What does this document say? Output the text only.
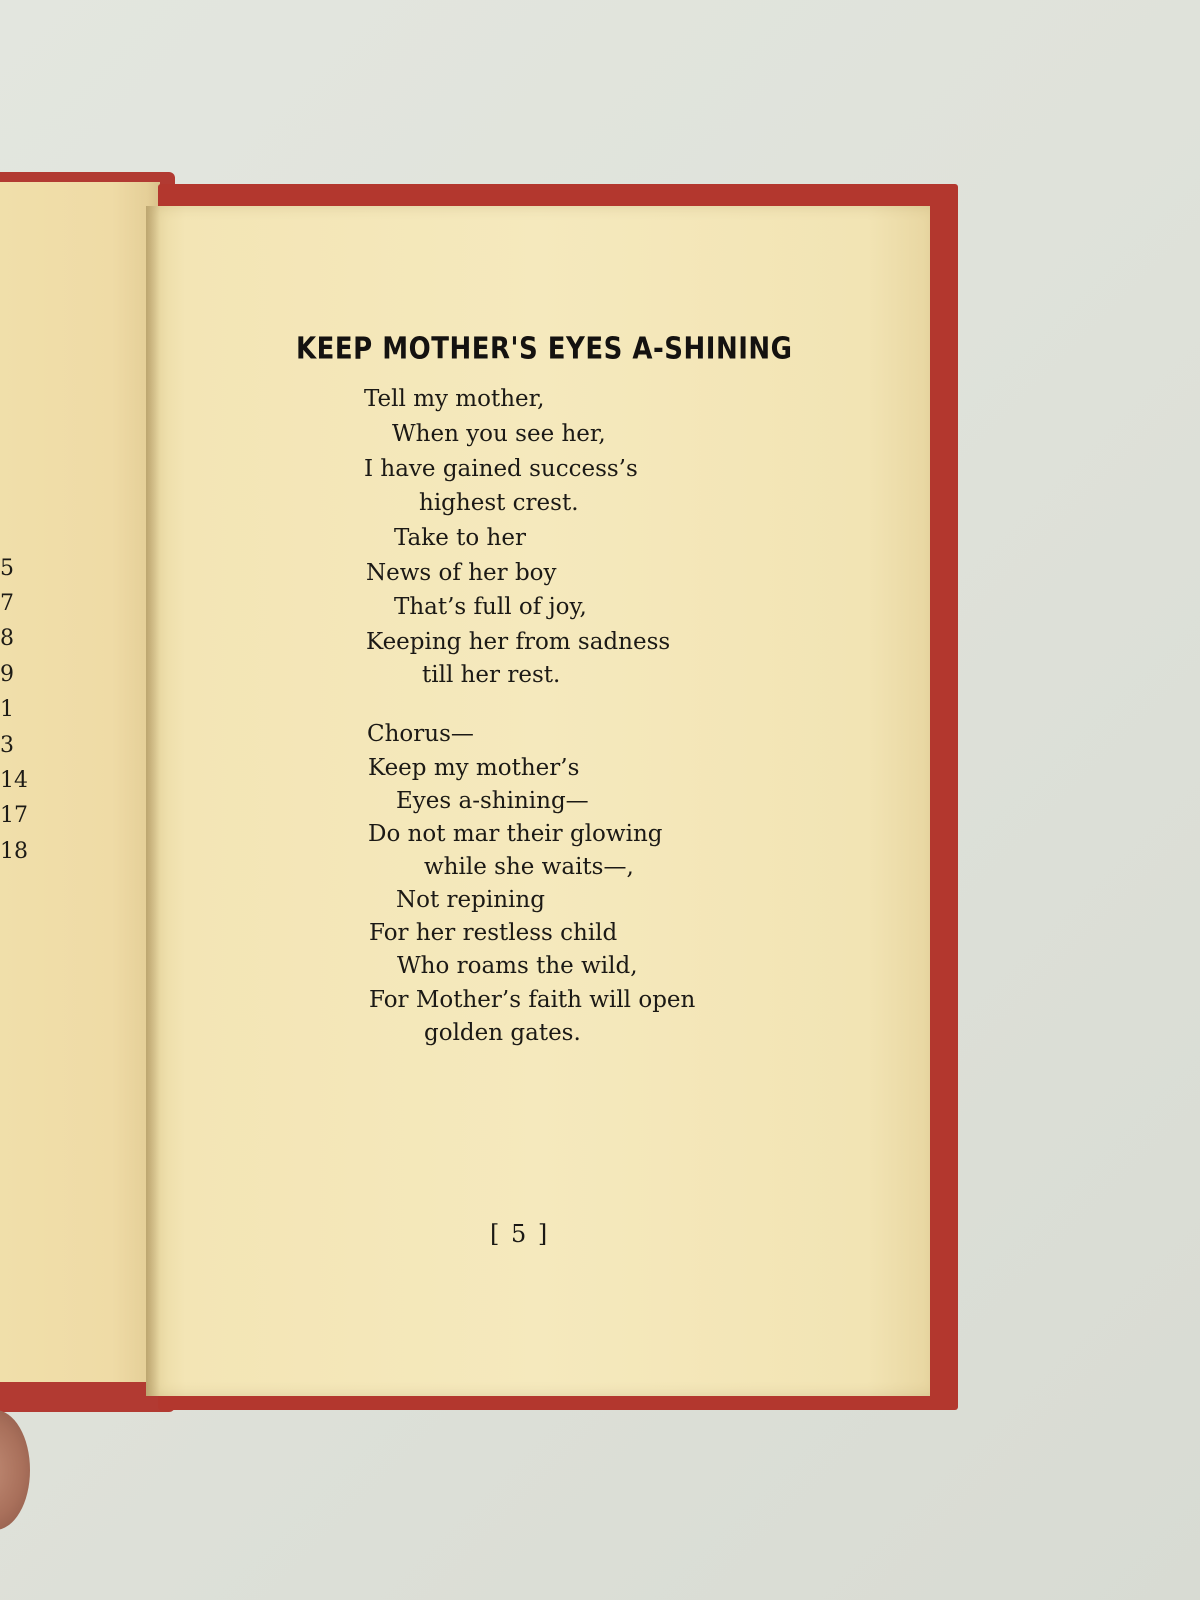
5
7
8
9
1
3
14
17
18
KEEP MOTHER'S EYES A-SHINING
Tell my mother,
When you see her,
I have gained success’s
highest crest.
Take to her
News of her boy
That’s full of joy,
Keeping her from sadness
till her rest.
Chorus—
Keep my mother’s
Eyes a-shining—
Do not mar their glowing
while she waits—,
Not repining
For her restless child
Who roams the wild,
For Mother’s faith will open
golden gates.
[ 5 ]
